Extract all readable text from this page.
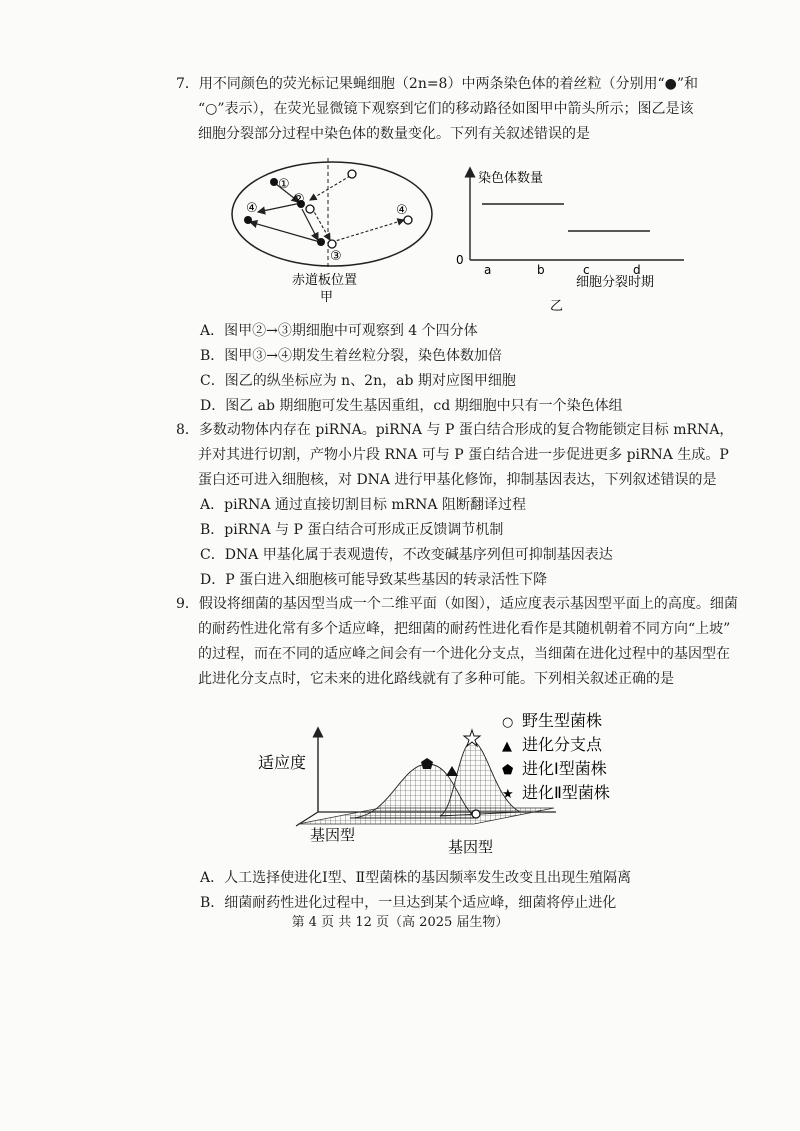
7．用不同颜色的荧光标记果蝇细胞（2n=8）中两条染色体的着丝粒（分别用“●”和
“○”表示），在荧光显微镜下观察到它们的移动路径如图甲中箭头所示；图乙是该
细胞分裂部分过程中染色体的数量变化。下列有关叙述错误的是
①
②
③
④	④
赤道板位置
甲
染色体数量
0
a	b	c	d
细胞分裂时期
乙
A．图甲②→③期细胞中可观察到 4 个四分体
B．图甲③→④期发生着丝粒分裂，染色体数加倍
C．图乙的纵坐标应为 n、2n，ab 期对应图甲细胞
D．图乙 ab 期细胞可发生基因重组，cd 期细胞中只有一个染色体组
8．多数动物体内存在 piRNA。piRNA 与 P 蛋白结合形成的复合物能锁定目标 mRNA，
并对其进行切割，产物小片段 RNA 可与 P 蛋白结合进一步促进更多 piRNA 生成。P
蛋白还可进入细胞核，对 DNA 进行甲基化修饰，抑制基因表达，下列叙述错误的是
A．piRNA 通过直接切割目标 mRNA 阻断翻译过程
B．piRNA 与 P 蛋白结合可形成正反馈调节机制
C．DNA 甲基化属于表观遗传，不改变碱基序列但可抑制基因表达
D．P 蛋白进入细胞核可能导致某些基因的转录活性下降
9．假设将细菌的基因型当成一个二维平面（如图），适应度表示基因型平面上的高度。细菌
的耐药性进化常有多个适应峰，把细菌的耐药性进化看作是其随机朝着不同方向“上坡”
的过程，而在不同的适应峰之间会有一个进化分支点，当细菌在进化过程中的基因型在
此进化分支点时，它未来的进化路线就有了多种可能。下列相关叙述正确的是
适应度
基因型
基因型
○ 野生型菌株
▲ 进化分支点
⬟ 进化Ⅰ型菌株
★ 进化Ⅱ型菌株
A．人工选择使进化Ⅰ型、Ⅱ型菌株的基因频率发生改变且出现生殖隔离
B．细菌耐药性进化过程中，一旦达到某个适应峰，细菌将停止进化
第 4 页 共 12 页（高 2025 届生物）
